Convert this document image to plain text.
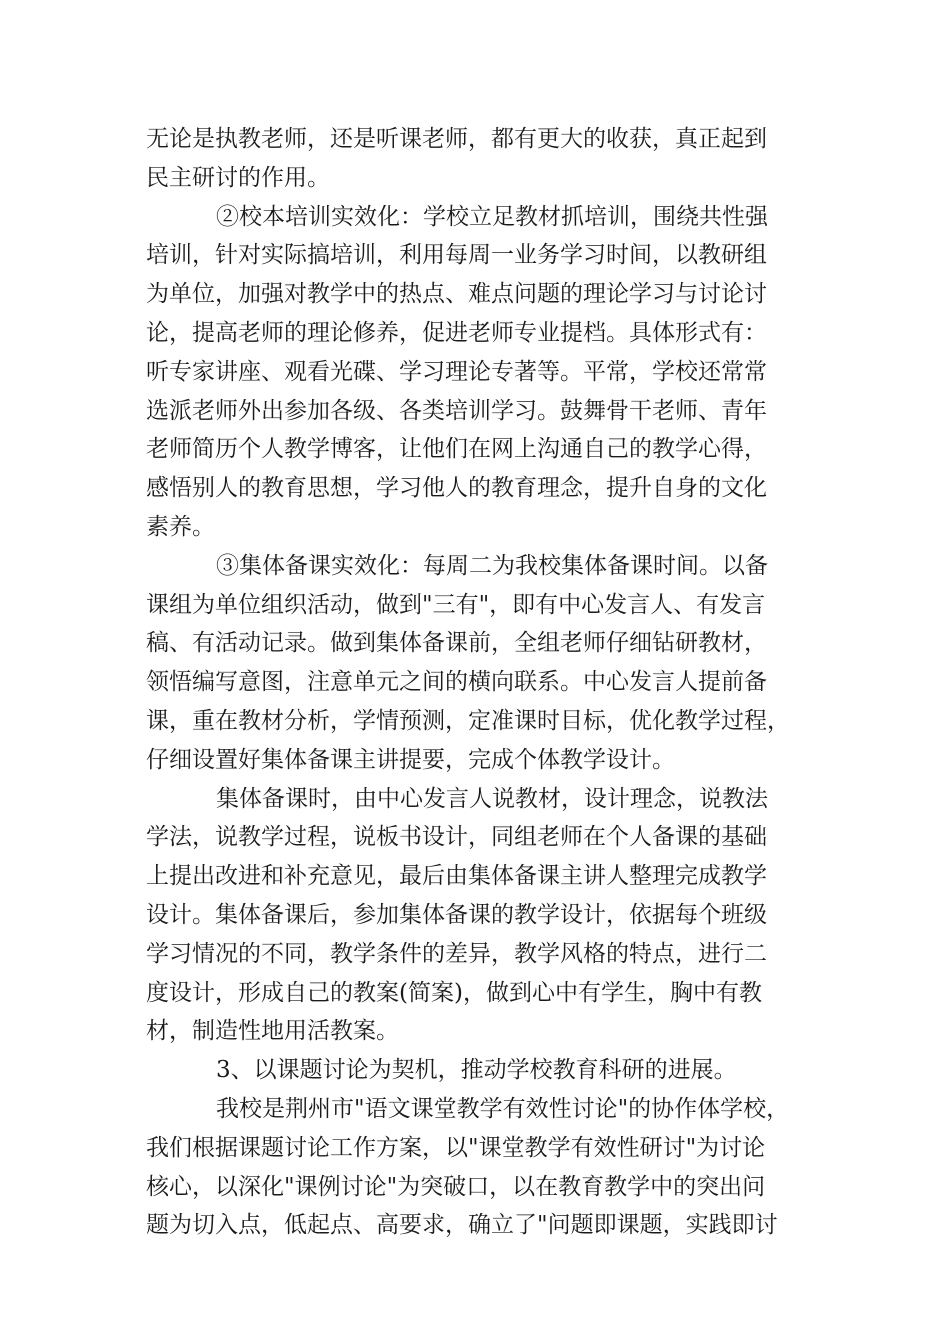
无论是执教老师，还是听课老师，都有更大的收获，真正起到
民主研讨的作用。
②校本培训实效化：学校立足教材抓培训，围绕共性强
培训，针对实际搞培训，利用每周一业务学习时间，以教研组
为单位，加强对教学中的热点、难点问题的理论学习与讨论讨
论，提高老师的理论修养，促进老师专业提档。具体形式有：
听专家讲座、观看光碟、学习理论专著等。平常，学校还常常
选派老师外出参加各级、各类培训学习。鼓舞骨干老师、青年
老师简历个人教学博客，让他们在网上沟通自己的教学心得，
感悟别人的教育思想，学习他人的教育理念，提升自身的文化
素养。
③集体备课实效化：每周二为我校集体备课时间。以备
课组为单位组织活动，做到"三有"，即有中心发言人、有发言
稿、有活动记录。做到集体备课前，全组老师仔细钻研教材，
领悟编写意图，注意单元之间的横向联系。中心发言人提前备
课，重在教材分析，学情预测，定准课时目标，优化教学过程，
仔细设置好集体备课主讲提要，完成个体教学设计。
集体备课时，由中心发言人说教材，设计理念，说教法
学法，说教学过程，说板书设计，同组老师在个人备课的基础
上提出改进和补充意见，最后由集体备课主讲人整理完成教学
设计。集体备课后，参加集体备课的教学设计，依据每个班级
学习情况的不同，教学条件的差异，教学风格的特点，进行二
度设计，形成自己的教案(简案)，做到心中有学生，胸中有教
材，制造性地用活教案。
3、以课题讨论为契机，推动学校教育科研的进展。
我校是荆州市"语文课堂教学有效性讨论"的协作体学校，
我们根据课题讨论工作方案，以"课堂教学有效性研讨"为讨论
核心，以深化"课例讨论"为突破口，以在教育教学中的突出问
题为切入点，低起点、高要求，确立了"问题即课题，实践即讨
